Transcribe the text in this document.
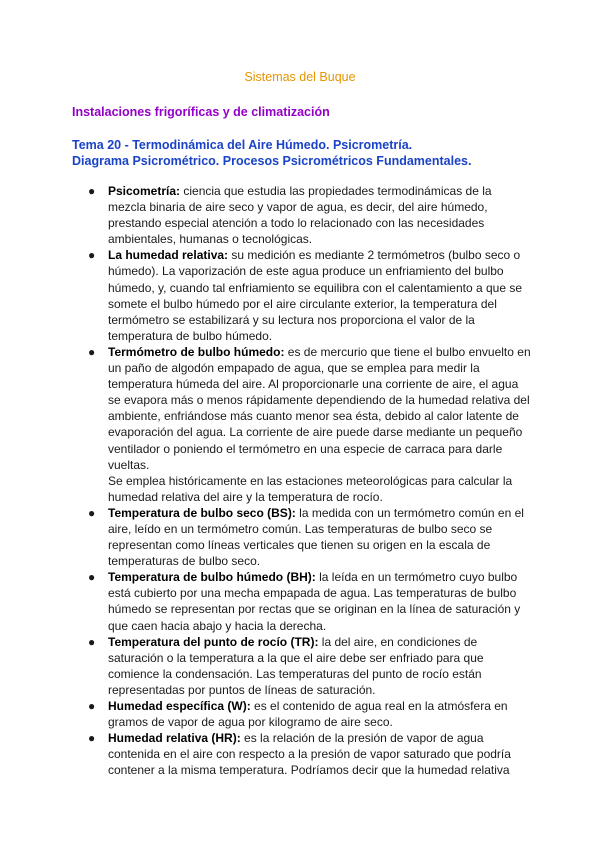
Sistemas del Buque
Instalaciones frigoríficas y de climatización
Tema 20 - Termodinámica del Aire Húmedo. Psicrometría.
Diagrama Psicrométrico. Procesos Psicrométricos Fundamentales.
● Psicometría: ciencia que estudia las propiedades termodinámicas de la mezcla binaria de aire seco y vapor de agua, es decir, del aire húmedo, prestando especial atención a todo lo relacionado con las necesidades ambientales, humanas o tecnológicas.
● La humedad relativa: su medición es mediante 2 termómetros (bulbo seco o húmedo). La vaporización de este agua produce un enfriamiento del bulbo húmedo, y, cuando tal enfriamiento se equilibra con el calentamiento a que se somete el bulbo húmedo por el aire circulante exterior, la temperatura del termómetro se estabilizará y su lectura nos proporciona el valor de la temperatura de bulbo húmedo.
● Termómetro de bulbo húmedo: es de mercurio que tiene el bulbo envuelto en un paño de algodón empapado de agua, que se emplea para medir la temperatura húmeda del aire. Al proporcionarle una corriente de aire, el agua se evapora más o menos rápidamente dependiendo de la humedad relativa del ambiente, enfriándose más cuanto menor sea ésta, debido al calor latente de evaporación del agua. La corriente de aire puede darse mediante un pequeño ventilador o poniendo el termómetro en una especie de carraca para darle vueltas.
Se emplea históricamente en las estaciones meteorológicas para calcular la humedad relativa del aire y la temperatura de rocío.
● Temperatura de bulbo seco (BS): la medida con un termómetro común en el aire, leído en un termómetro común. Las temperaturas de bulbo seco se representan como líneas verticales que tienen su origen en la escala de temperaturas de bulbo seco.
● Temperatura de bulbo húmedo (BH): la leída en un termómetro cuyo bulbo está cubierto por una mecha empapada de agua. Las temperaturas de bulbo húmedo se representan por rectas que se originan en la línea de saturación y que caen hacia abajo y hacia la derecha.
● Temperatura del punto de rocío (TR): la del aire, en condiciones de saturación o la temperatura a la que el aire debe ser enfriado para que comience la condensación. Las temperaturas del punto de rocío están representadas por puntos de líneas de saturación.
● Humedad específica (W): es el contenido de agua real en la atmósfera en gramos de vapor de agua por kilogramo de aire seco.
● Humedad relativa (HR): es la relación de la presión de vapor de agua contenida en el aire con respecto a la presión de vapor saturado que podría contener a la misma temperatura. Podríamos decir que la humedad relativa
